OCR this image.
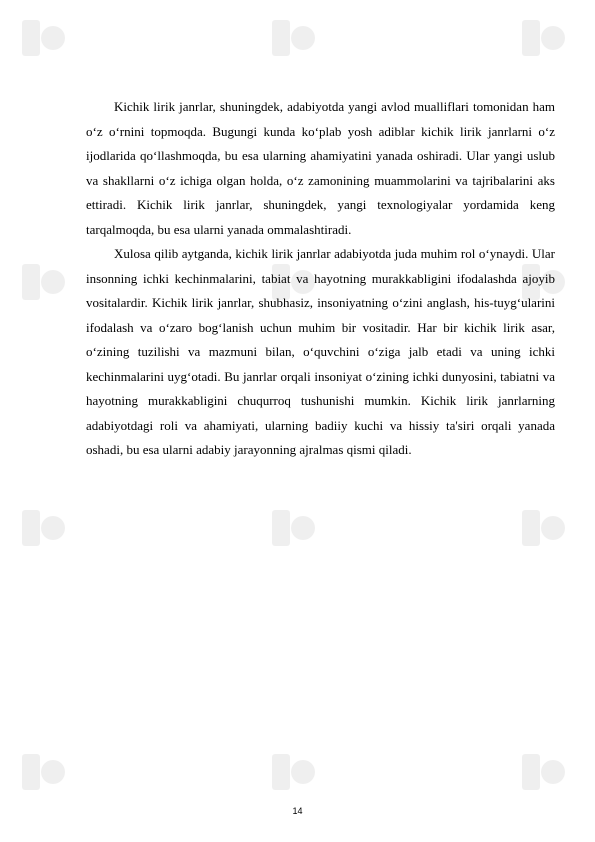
Kichik lirik janrlar, shuningdek, adabiyotda yangi avlod mualliflari tomonidan ham o‘z o‘rnini topmoqda. Bugungi kunda ko‘plab yosh adiblar kichik lirik janrlarni o‘z ijodlarida qo‘llashmoqda, bu esa ularning ahamiyatini yanada oshiradi. Ular yangi uslub va shakllarni o‘z ichiga olgan holda, o‘z zamonining muammolarini va tajribalarini aks ettiradi. Kichik lirik janrlar, shuningdek, yangi texnologiyalar yordamida keng tarqalmoqda, bu esa ularni yanada ommalashtiradi.

Xulosa qilib aytganda, kichik lirik janrlar adabiyotda juda muhim rol o‘ynaydi. Ular insonning ichki kechinmalarini, tabiat va hayotning murakkabligini ifodalashda ajoyib vositalardir. Kichik lirik janrlar, shubhasiz, insoniyatning o‘zini anglash, his-tuyg‘ularini ifodalash va o‘zaro bog‘lanish uchun muhim bir vositadir. Har bir kichik lirik asar, o‘zining tuzilishi va mazmuni bilan, o‘quvchini o‘ziga jalb etadi va uning ichki kechinmalarini uyg‘otadi. Bu janrlar orqali insoniyat o‘zining ichki dunyosini, tabiatni va hayotning murakkabligini chuqurroq tushunishi mumkin. Kichik lirik janrlarning adabiyotdagi roli va ahamiyati, ularning badiiy kuchi va hissiy ta'siri orqali yanada oshadi, bu esa ularni adabiy jarayonning ajralmas qismi qiladi.

14
